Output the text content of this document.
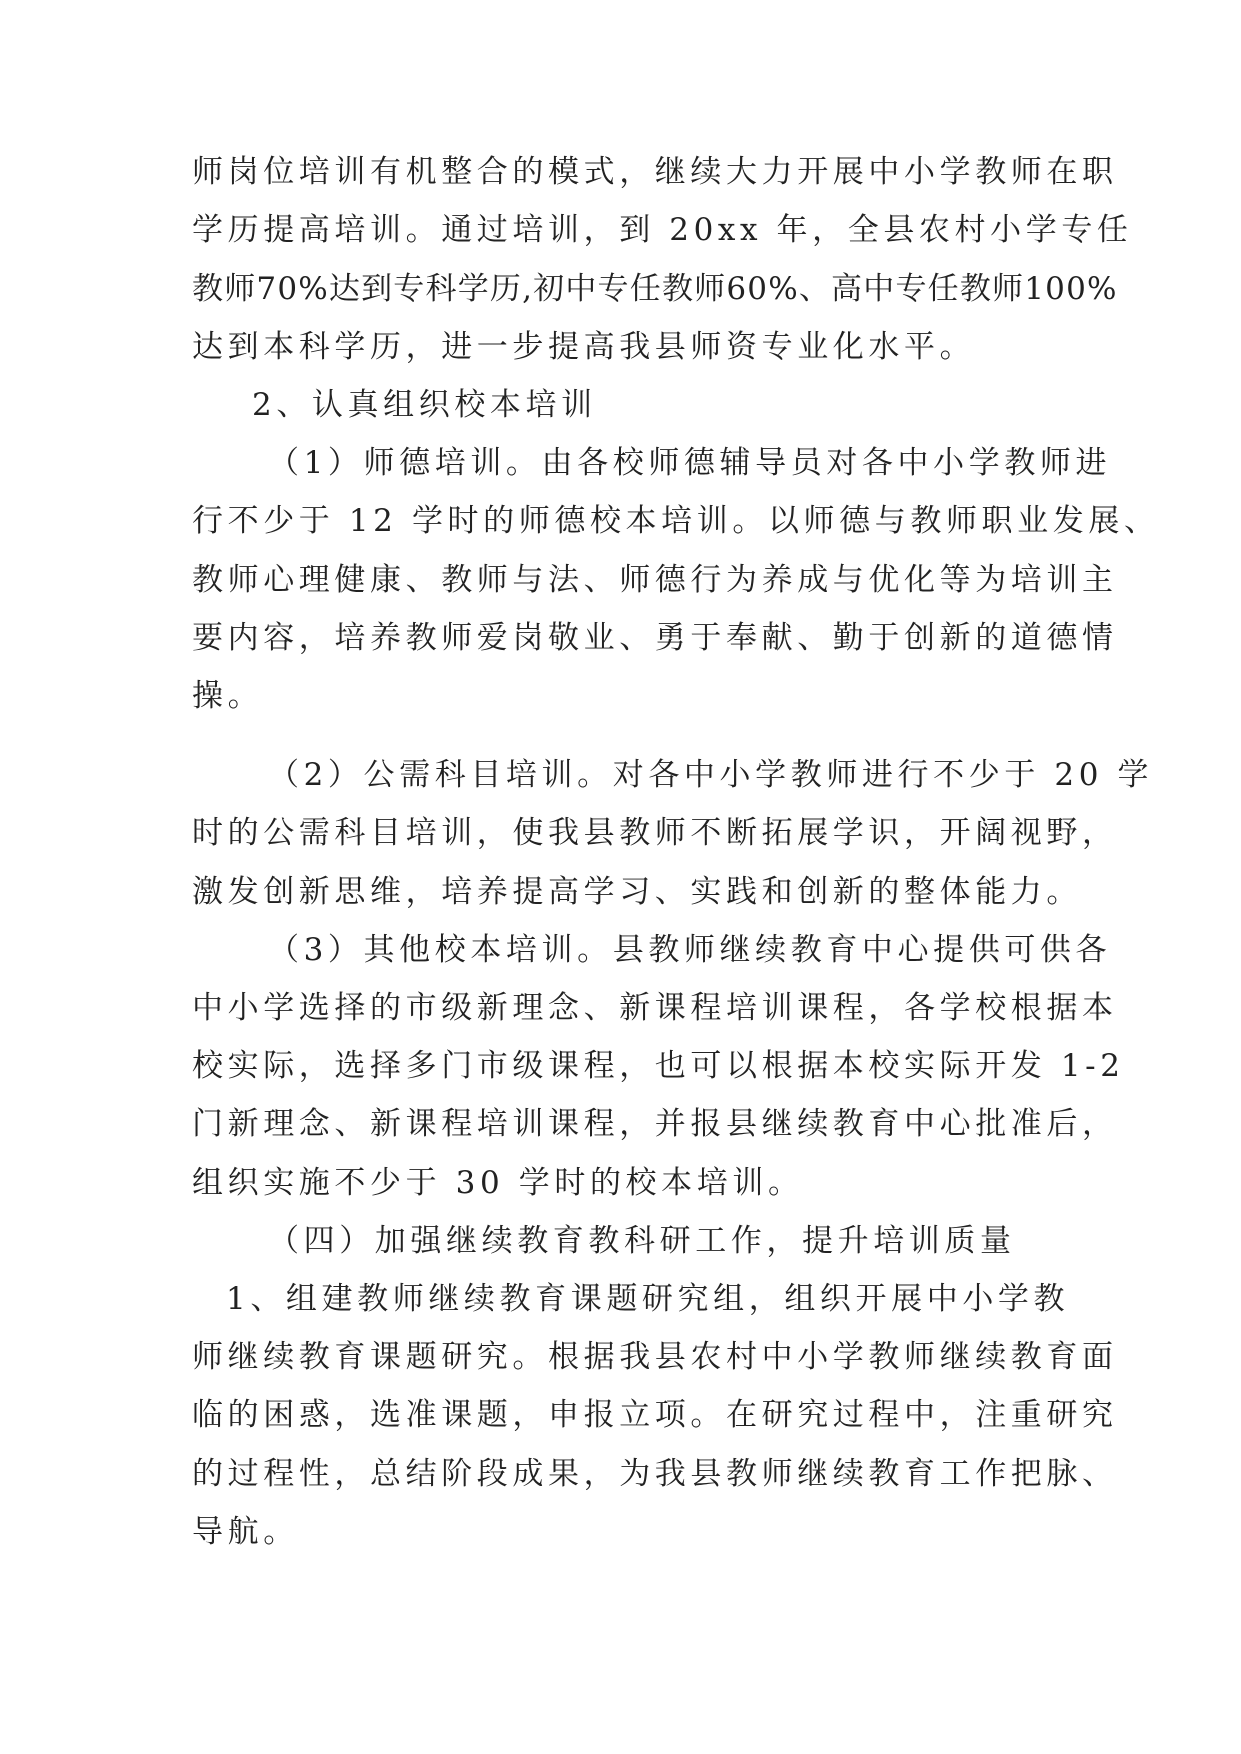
师岗位培训有机整合的模式，继续大力开展中小学教师在职
学历提高培训。通过培训，到 20xx 年，全县农村小学专任
教师70%达到专科学历,初中专任教师60%、高中专任教师100%
达到本科学历，进一步提高我县师资专业化水平。
2、认真组织校本培训
（1）师德培训。由各校师德辅导员对各中小学教师进
行不少于 12 学时的师德校本培训。以师德与教师职业发展、
教师心理健康、教师与法、师德行为养成与优化等为培训主
要内容，培养教师爱岗敬业、勇于奉献、勤于创新的道德情
操。
（2）公需科目培训。对各中小学教师进行不少于 20 学
时的公需科目培训，使我县教师不断拓展学识，开阔视野，
激发创新思维，培养提高学习、实践和创新的整体能力。
（3）其他校本培训。县教师继续教育中心提供可供各
中小学选择的市级新理念、新课程培训课程，各学校根据本
校实际，选择多门市级课程，也可以根据本校实际开发 1-2
门新理念、新课程培训课程，并报县继续教育中心批准后，
组织实施不少于 30 学时的校本培训。
（四）加强继续教育教科研工作，提升培训质量
1、组建教师继续教育课题研究组，组织开展中小学教
师继续教育课题研究。根据我县农村中小学教师继续教育面
临的困惑，选准课题，申报立项。在研究过程中，注重研究
的过程性，总结阶段成果，为我县教师继续教育工作把脉、
导航。
